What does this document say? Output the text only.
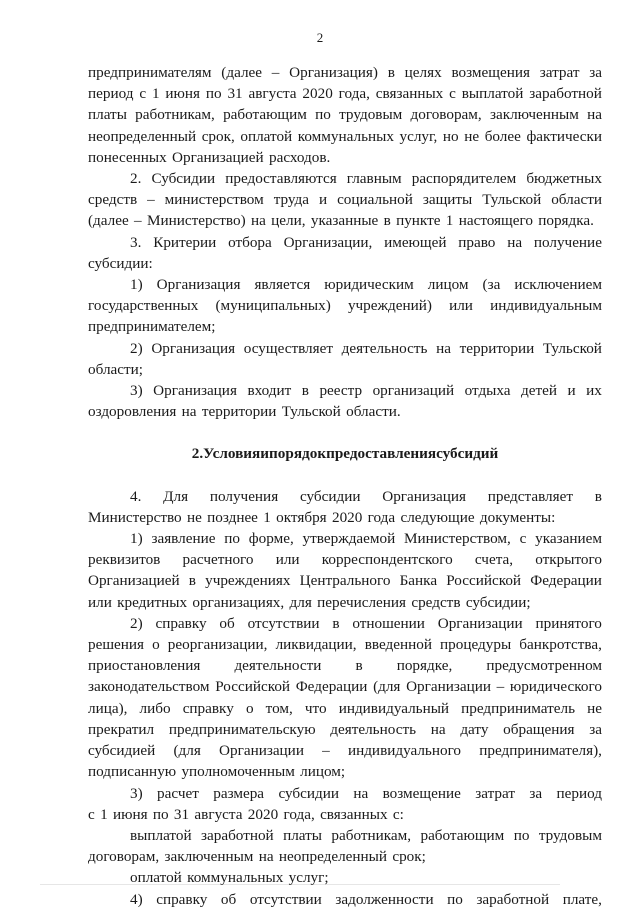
2
предпринимателям (далее – Организация) в целях возмещения затрат за
период с 1 июня по 31 августа 2020 года, связанных с выплатой заработной
платы работникам, работающим по трудовым договорам, заключенным на
неопределенный срок, оплатой коммунальных услуг, но не более фактически
понесенных Организацией расходов.
2. Субсидии предоставляются главным распорядителем бюджетных
средств – министерством труда и социальной защиты Тульской области
(далее – Министерство) на цели, указанные в пункте 1 настоящего порядка.
3. Критерии отбора Организации, имеющей право на получение
субсидии:
1) Организация является юридическим лицом (за исключением
государственных (муниципальных) учреждений) или индивидуальным
предпринимателем;
2) Организация осуществляет деятельность на территории Тульской
области;
3) Организация входит в реестр организаций отдыха детей и их
оздоровления на территории Тульской области.
2. Условия и порядок предоставления субсидий
4. Для получения субсидии Организация представляет в
Министерство не позднее 1 октября 2020 года следующие документы:
1) заявление по форме, утверждаемой Министерством, с указанием
реквизитов расчетного или корреспондентского счета, открытого
Организацией в учреждениях Центрального Банка Российской Федерации
или кредитных организациях, для перечисления средств субсидии;
2) справку об отсутствии в отношении Организации принятого
решения о реорганизации, ликвидации, введенной процедуры банкротства,
приостановления деятельности в порядке, предусмотренном
законодательством Российской Федерации (для Организации – юридического
лица), либо справку о том, что индивидуальный предприниматель не
прекратил предпринимательскую деятельность на дату обращения за
субсидией (для Организации – индивидуального предпринимателя),
подписанную уполномоченным лицом;
3) расчет размера субсидии на возмещение затрат за период
с 1 июня по 31 августа 2020 года, связанных с:
выплатой заработной платы работникам, работающим по трудовым
договорам, заключенным на неопределенный срок;
оплатой коммунальных услуг;
4) справку об отсутствии задолженности по заработной плате,
